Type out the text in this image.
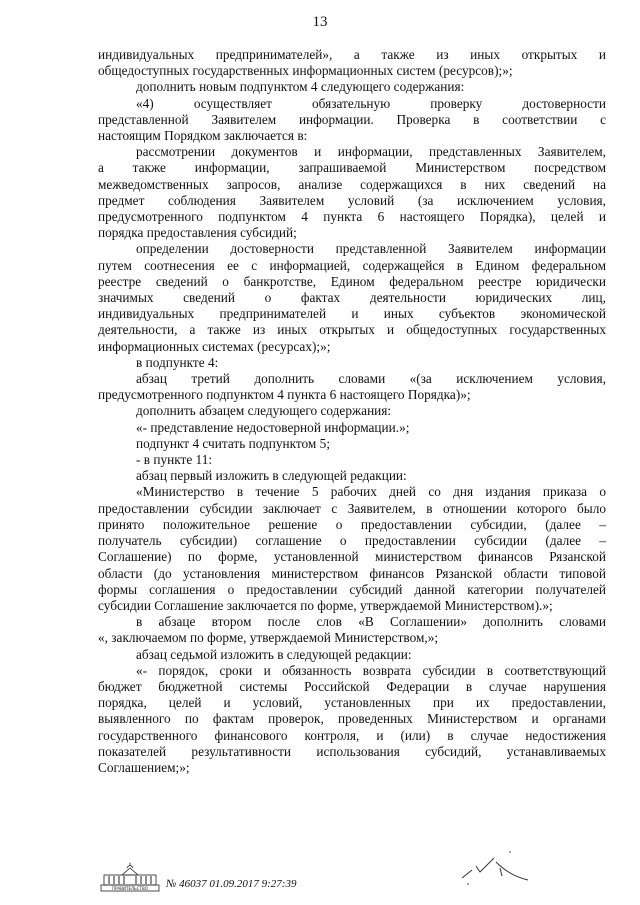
13

индивидуальных предпринимателей», а также из иных открытых и

общедоступных государственных информационных систем (ресурсов);»;

дополнить новым подпунктом 4 следующего содержания:

«4) осуществляет обязательную проверку достоверности

представленной Заявителем информации. Проверка в соответствии с

настоящим Порядком заключается в:

рассмотрении документов и информации, представленных Заявителем,

а также информации, запрашиваемой Министерством посредством

межведомственных запросов, анализе содержащихся в них сведений на

предмет соблюдения Заявителем условий (за исключением условия,

предусмотренного подпунктом 4 пункта 6 настоящего Порядка), целей и

порядка предоставления субсидий;

определении достоверности представленной Заявителем информации

путем соотнесения ее с информацией, содержащейся в Едином федеральном

реестре сведений о банкротстве, Едином федеральном реестре юридически

значимых сведений о фактах деятельности юридических лиц,

индивидуальных предпринимателей и иных субъектов экономической

деятельности, а также из иных открытых и общедоступных государственных

информационных системах (ресурсах);»;

в подпункте 4:

абзац третий дополнить словами «(за исключением условия,

предусмотренного подпунктом 4 пункта 6 настоящего Порядка)»;

дополнить абзацем следующего содержания:

«- представление недостоверной информации.»;

подпункт 4 считать подпунктом 5;

- в пункте 11:

абзац первый изложить в следующей редакции:

«Министерство в течение 5 рабочих дней со дня издания приказа о

предоставлении субсидии заключает с Заявителем, в отношении которого было

принято положительное решение о предоставлении субсидии, (далее –

получатель субсидии) соглашение о предоставлении субсидии (далее –

Соглашение) по форме, установленной министерством финансов Рязанской

области (до установления министерством финансов Рязанской области типовой

формы соглашения о предоставлении субсидий данной категории получателей

субсидии Соглашение заключается по форме, утверждаемой Министерством).»;

в абзаце втором после слов «В Соглашении» дополнить словами

«, заключаемом по форме, утверждаемой Министерством,»;

абзац седьмой изложить в следующей редакции:

«- порядок, сроки и обязанность возврата субсидии в соответствующий

бюджет бюджетной системы Российской Федерации в случае нарушения

порядка, целей и условий, установленных при их предоставлении,

выявленного по фактам проверок, проведенных Министерством и органами

государственного финансового контроля, и (или) в случае недостижения

показателей результативности использования субсидий, устанавливаемых

Соглашением;»;

ПРАВИТЕЛЬСТВО № 46037 01.09.2017 9:27:39
